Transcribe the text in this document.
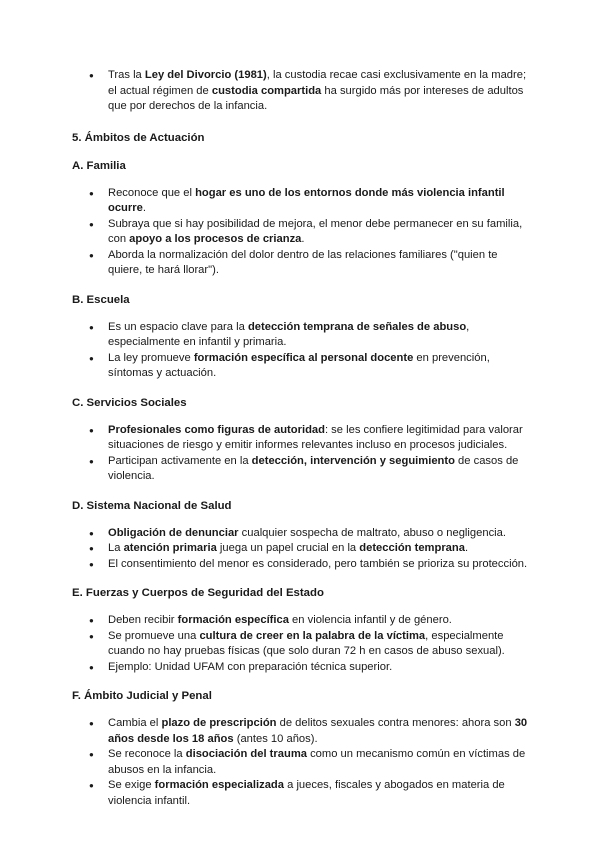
● Tras la Ley del Divorcio (1981), la custodia recae casi exclusivamente en la madre; el actual régimen de custodia compartida ha surgido más por intereses de adultos que por derechos de la infancia.
5. Ámbitos de Actuación
A. Familia
● Reconoce que el hogar es uno de los entornos donde más violencia infantil ocurre.
● Subraya que si hay posibilidad de mejora, el menor debe permanecer en su familia, con apoyo a los procesos de crianza.
● Aborda la normalización del dolor dentro de las relaciones familiares ("quien te quiere, te hará llorar").
B. Escuela
● Es un espacio clave para la detección temprana de señales de abuso, especialmente en infantil y primaria.
● La ley promueve formación específica al personal docente en prevención, síntomas y actuación.
C. Servicios Sociales
● Profesionales como figuras de autoridad: se les confiere legitimidad para valorar situaciones de riesgo y emitir informes relevantes incluso en procesos judiciales.
● Participan activamente en la detección, intervención y seguimiento de casos de violencia.
D. Sistema Nacional de Salud
● Obligación de denunciar cualquier sospecha de maltrato, abuso o negligencia.
● La atención primaria juega un papel crucial en la detección temprana.
● El consentimiento del menor es considerado, pero también se prioriza su protección.
E. Fuerzas y Cuerpos de Seguridad del Estado
● Deben recibir formación específica en violencia infantil y de género.
● Se promueve una cultura de creer en la palabra de la víctima, especialmente cuando no hay pruebas físicas (que solo duran 72 h en casos de abuso sexual).
● Ejemplo: Unidad UFAM con preparación técnica superior.
F. Ámbito Judicial y Penal
● Cambia el plazo de prescripción de delitos sexuales contra menores: ahora son 30 años desde los 18 años (antes 10 años).
● Se reconoce la disociación del trauma como un mecanismo común en víctimas de abusos en la infancia.
● Se exige formación especializada a jueces, fiscales y abogados en materia de violencia infantil.
